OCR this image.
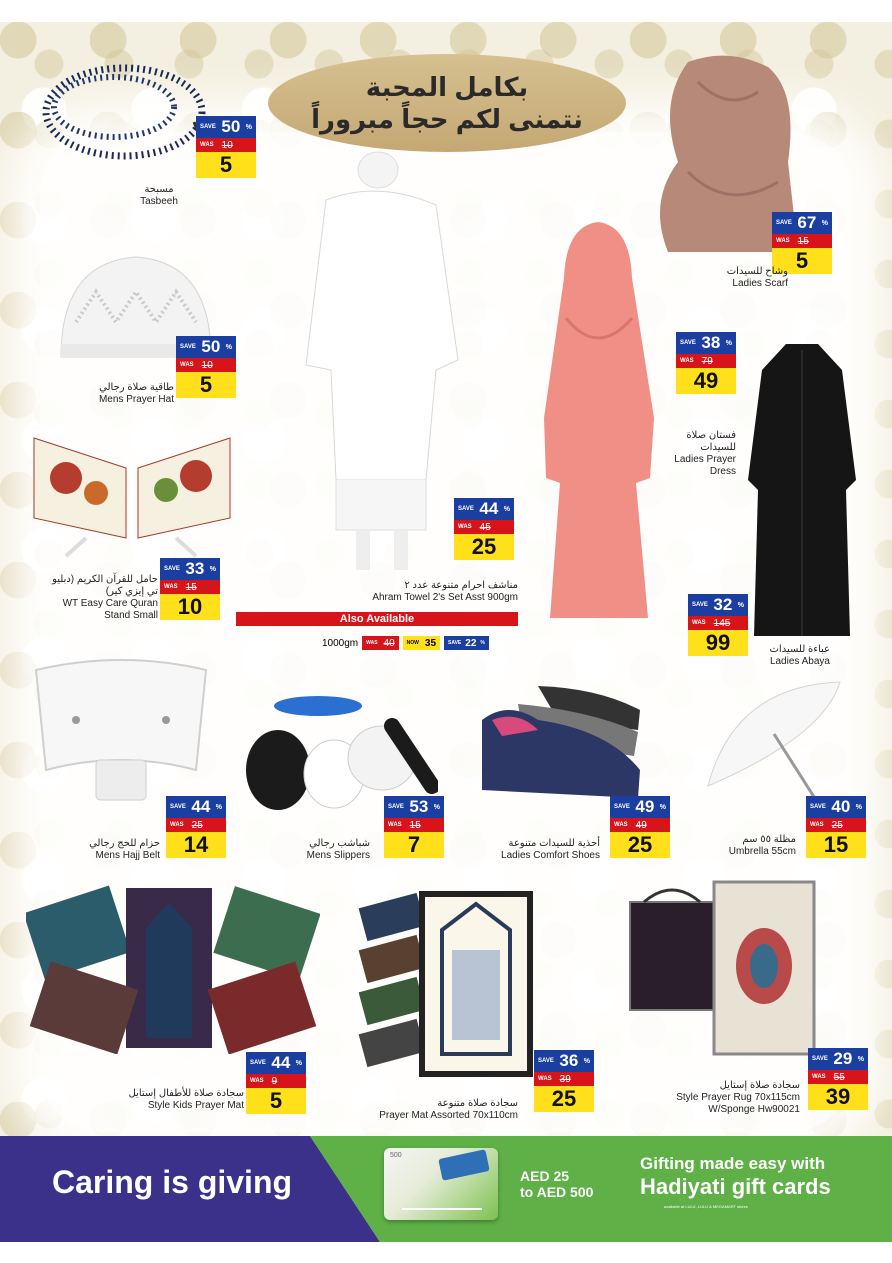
بكامل المحبة
نتمنى لكم حجاً مبروراً
SAVE 50 %
WAS 10
5
مسبحة
Tasbeeh
SAVE 67 %
WAS 15
5
وشاح للسيدات
Ladies Scarf
SAVE 50 %
WAS 10
5
طاقية صلاة رجالي
Mens Prayer Hat
SAVE 38 %
WAS 79
49
فستان صلاة للسيدات
Ladies Prayer Dress
SAVE 33 %
WAS 15
10
حامل للقرآن الكريم (دبليو تي إيزي كير)
WT Easy Care Quran Stand Small
SAVE 44 %
WAS 45
25
مناشف احرام متنوعة عدد ٢
Ahram Towel 2's Set Asst 900gm
Also Available
1000gm WAS 40 NOW 35 SAVE 22 %
SAVE 32 %
WAS 145
99	عباءة للسيدات
Ladies Abaya
SAVE 44 %
WAS 25
14
حزام للحج رجالي
Mens Hajj Belt
SAVE 53 %
WAS 15
7
شباشب رجالي
Mens Slippers
SAVE 49 %
WAS 49
25
أحذية للسيدات متنوعة
Ladies Comfort Shoes
SAVE 40 %
WAS 25
15
مظلة ٥٥ سم
Umbrella 55cm
SAVE 44 %
WAS 9
5
سجادة صلاة للأطفال إستايل
Style Kids Prayer Mat
SAVE 36 %
WAS 39
25
سجادة صلاة متنوعة
Prayer Mat Assorted 70x110cm
SAVE 29 %
WAS 55
39
سجادة صلاة إستايل
Style Prayer Rug 70x115cm
W/Sponge Hw90021
Caring is giving
500
AED 25
to AED 500
Gifting made easy with
Hadiyati gift cards
available at LULU, LULU & MEGAMART stores
